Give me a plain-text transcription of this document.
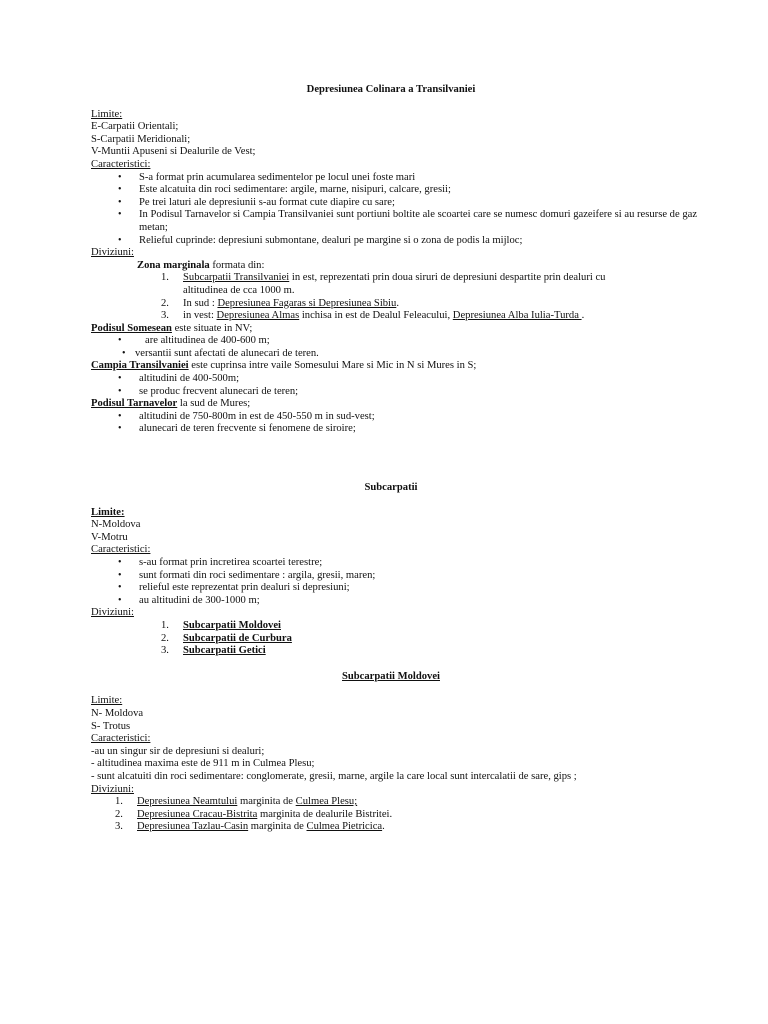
Depresiunea Colinara a Transilvaniei

Limite:
E-Carpatii Orientali;
S-Carpatii Meridionali;
V-Muntii Apuseni si Dealurile de Vest;
Caracteristici:
• S-a format prin acumularea sedimentelor pe locul unei foste mari
• Este alcatuita din roci sedimentare: argile, marne, nisipuri, calcare, gresii;
• Pe trei laturi ale depresiunii s-au format cute diapire cu sare;
• In Podisul Tarnavelor si Campia Transilvaniei sunt portiuni boltite ale scoartei care se numesc domuri gazeifere si au resurse de gaz metan;
• Relieful cuprinde: depresiuni submontane, dealuri pe margine si o zona de podis la mijloc;
Diviziuni:
Zona marginala formata din:
1. Subcarpatii Transilvaniei in est, reprezentati prin doua siruri de depresiuni despartite prin dealuri cu
altitudinea de cca 1000 m.
2. In sud : Depresiunea Fagaras si Depresiunea Sibiu.
3. in vest: Depresiunea Almas inchisa in est de Dealul Feleacului, Depresiunea Alba Iulia-Turda .
Podisul Somesean este situate in NV;
• are altitudinea de 400-600 m;
• versantii sunt afectati de alunecari de teren.
Campia Transilvaniei este cuprinsa intre vaile Somesului Mare si Mic in N si Mures in S;
• altitudini de 400-500m;
• se produc frecvent alunecari de teren;
Podisul Tarnavelor la sud de Mures;
• altitudini de 750-800m in est de 450-550 m in sud-vest;
• alunecari de teren frecvente si fenomene de siroire;

Subcarpatii

Limite:
N-Moldova
V-Motru
Caracteristici:
• s-au format prin incretirea scoartei terestre;
• sunt formati din roci sedimentare : argila, gresii, maren;
• relieful este reprezentat prin dealuri si depresiuni;
• au altitudini de 300-1000 m;
Diviziuni:
1. Subcarpatii Moldovei
2. Subcarpatii de Curbura
3. Subcarpatii Getici

Subcarpatii Moldovei

Limite:
N- Moldova
S- Trotus
Caracteristici:
-au un singur sir de depresiuni si dealuri;
- altitudinea maxima este de 911 m in Culmea Plesu;
- sunt alcatuiti din roci sedimentare: conglomerate, gresii, marne, argile la care local sunt intercalatii de sare, gips ;
Diviziuni:
1. Depresiunea Neamtului marginita de Culmea Plesu;
2. Depresiunea Cracau-Bistrita marginita de dealurile Bistritei.
3. Depresiunea Tazlau-Casin marginita de Culmea Pietricica.
